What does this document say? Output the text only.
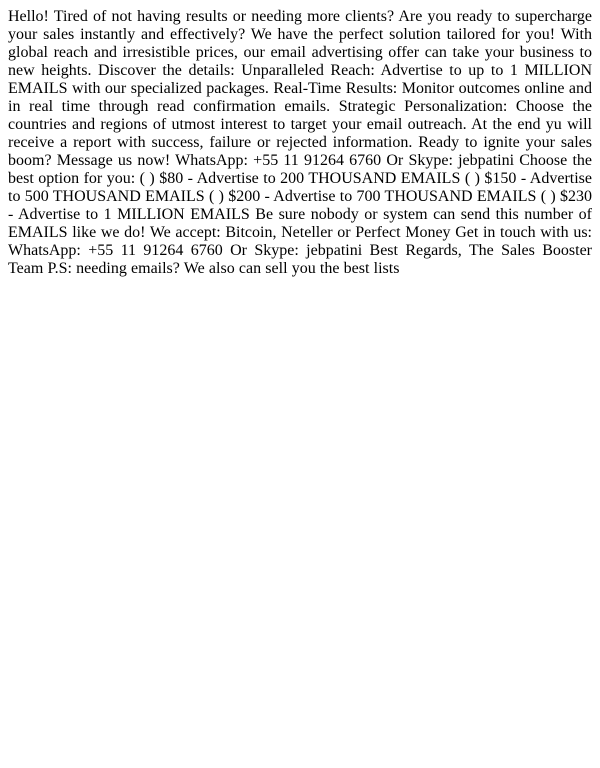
Hello! Tired of not having results or needing more clients? Are you ready to supercharge your sales instantly and effectively? We have the perfect solution tailored for you! With global reach and irresistible prices, our email advertising offer can take your business to new heights. Discover the details: Unparalleled Reach: Advertise to up to 1 MILLION EMAILS with our specialized packages. Real-Time Results: Monitor outcomes online and in real time through read confirmation emails. Strategic Personalization: Choose the countries and regions of utmost interest to target your email outreach. At the end yu will receive a report with success, failure or rejected information. Ready to ignite your sales boom? Message us now! WhatsApp: +55 11 91264 6760 Or Skype: jebpatini Choose the best option for you: ( ) $80 - Advertise to 200 THOUSAND EMAILS ( ) $150 - Advertise to 500 THOUSAND EMAILS ( ) $200 - Advertise to 700 THOUSAND EMAILS ( ) $230 - Advertise to 1 MILLION EMAILS Be sure nobody or system can send this number of EMAILS like we do! We accept: Bitcoin, Neteller or Perfect Money Get in touch with us: WhatsApp: +55 11 91264 6760 Or Skype: jebpatini Best Regards, The Sales Booster Team P.S: needing emails? We also can sell you the best lists
